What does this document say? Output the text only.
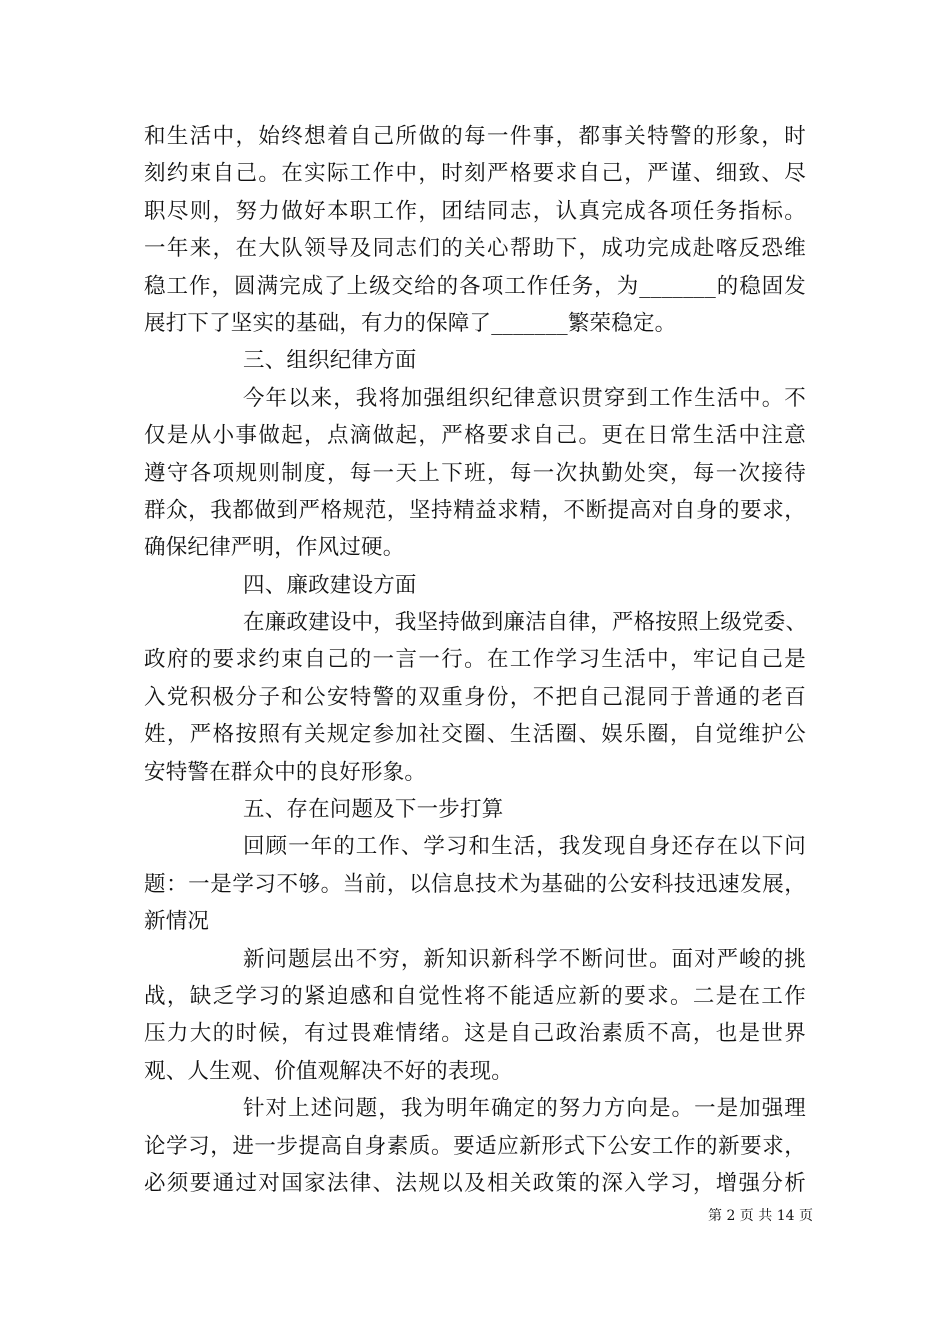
和生活中，始终想着自己所做的每一件事，都事关特警的形象，时
刻约束自己。在实际工作中，时刻严格要求自己，严谨、细致、尽
职尽则，努力做好本职工作，团结同志，认真完成各项任务指标。
一年来，在大队领导及同志们的关心帮助下，成功完成赴喀反恐维
稳工作，圆满完成了上级交给的各项工作任务，为_______的稳固发
展打下了坚实的基础，有力的保障了_______繁荣稳定。
三、组织纪律方面
今年以来，我将加强组织纪律意识贯穿到工作生活中。不
仅是从小事做起，点滴做起，严格要求自己。更在日常生活中注意
遵守各项规则制度，每一天上下班，每一次执勤处突，每一次接待
群众，我都做到严格规范，坚持精益求精，不断提高对自身的要求，
确保纪律严明，作风过硬。
四、廉政建设方面
在廉政建设中，我坚持做到廉洁自律，严格按照上级党委、
政府的要求约束自己的一言一行。在工作学习生活中，牢记自己是
入党积极分子和公安特警的双重身份，不把自己混同于普通的老百
姓，严格按照有关规定参加社交圈、生活圈、娱乐圈，自觉维护公
安特警在群众中的良好形象。
五、存在问题及下一步打算
回顾一年的工作、学习和生活，我发现自身还存在以下问
题：一是学习不够。当前，以信息技术为基础的公安科技迅速发展，
新情况
新问题层出不穷，新知识新科学不断问世。面对严峻的挑
战，缺乏学习的紧迫感和自觉性将不能适应新的要求。二是在工作
压力大的时候，有过畏难情绪。这是自己政治素质不高，也是世界
观、人生观、价值观解决不好的表现。
针对上述问题，我为明年确定的努力方向是。一是加强理
论学习，进一步提高自身素质。要适应新形式下公安工作的新要求，
必须要通过对国家法律、法规以及相关政策的深入学习，增强分析
第 2 页 共 14 页
